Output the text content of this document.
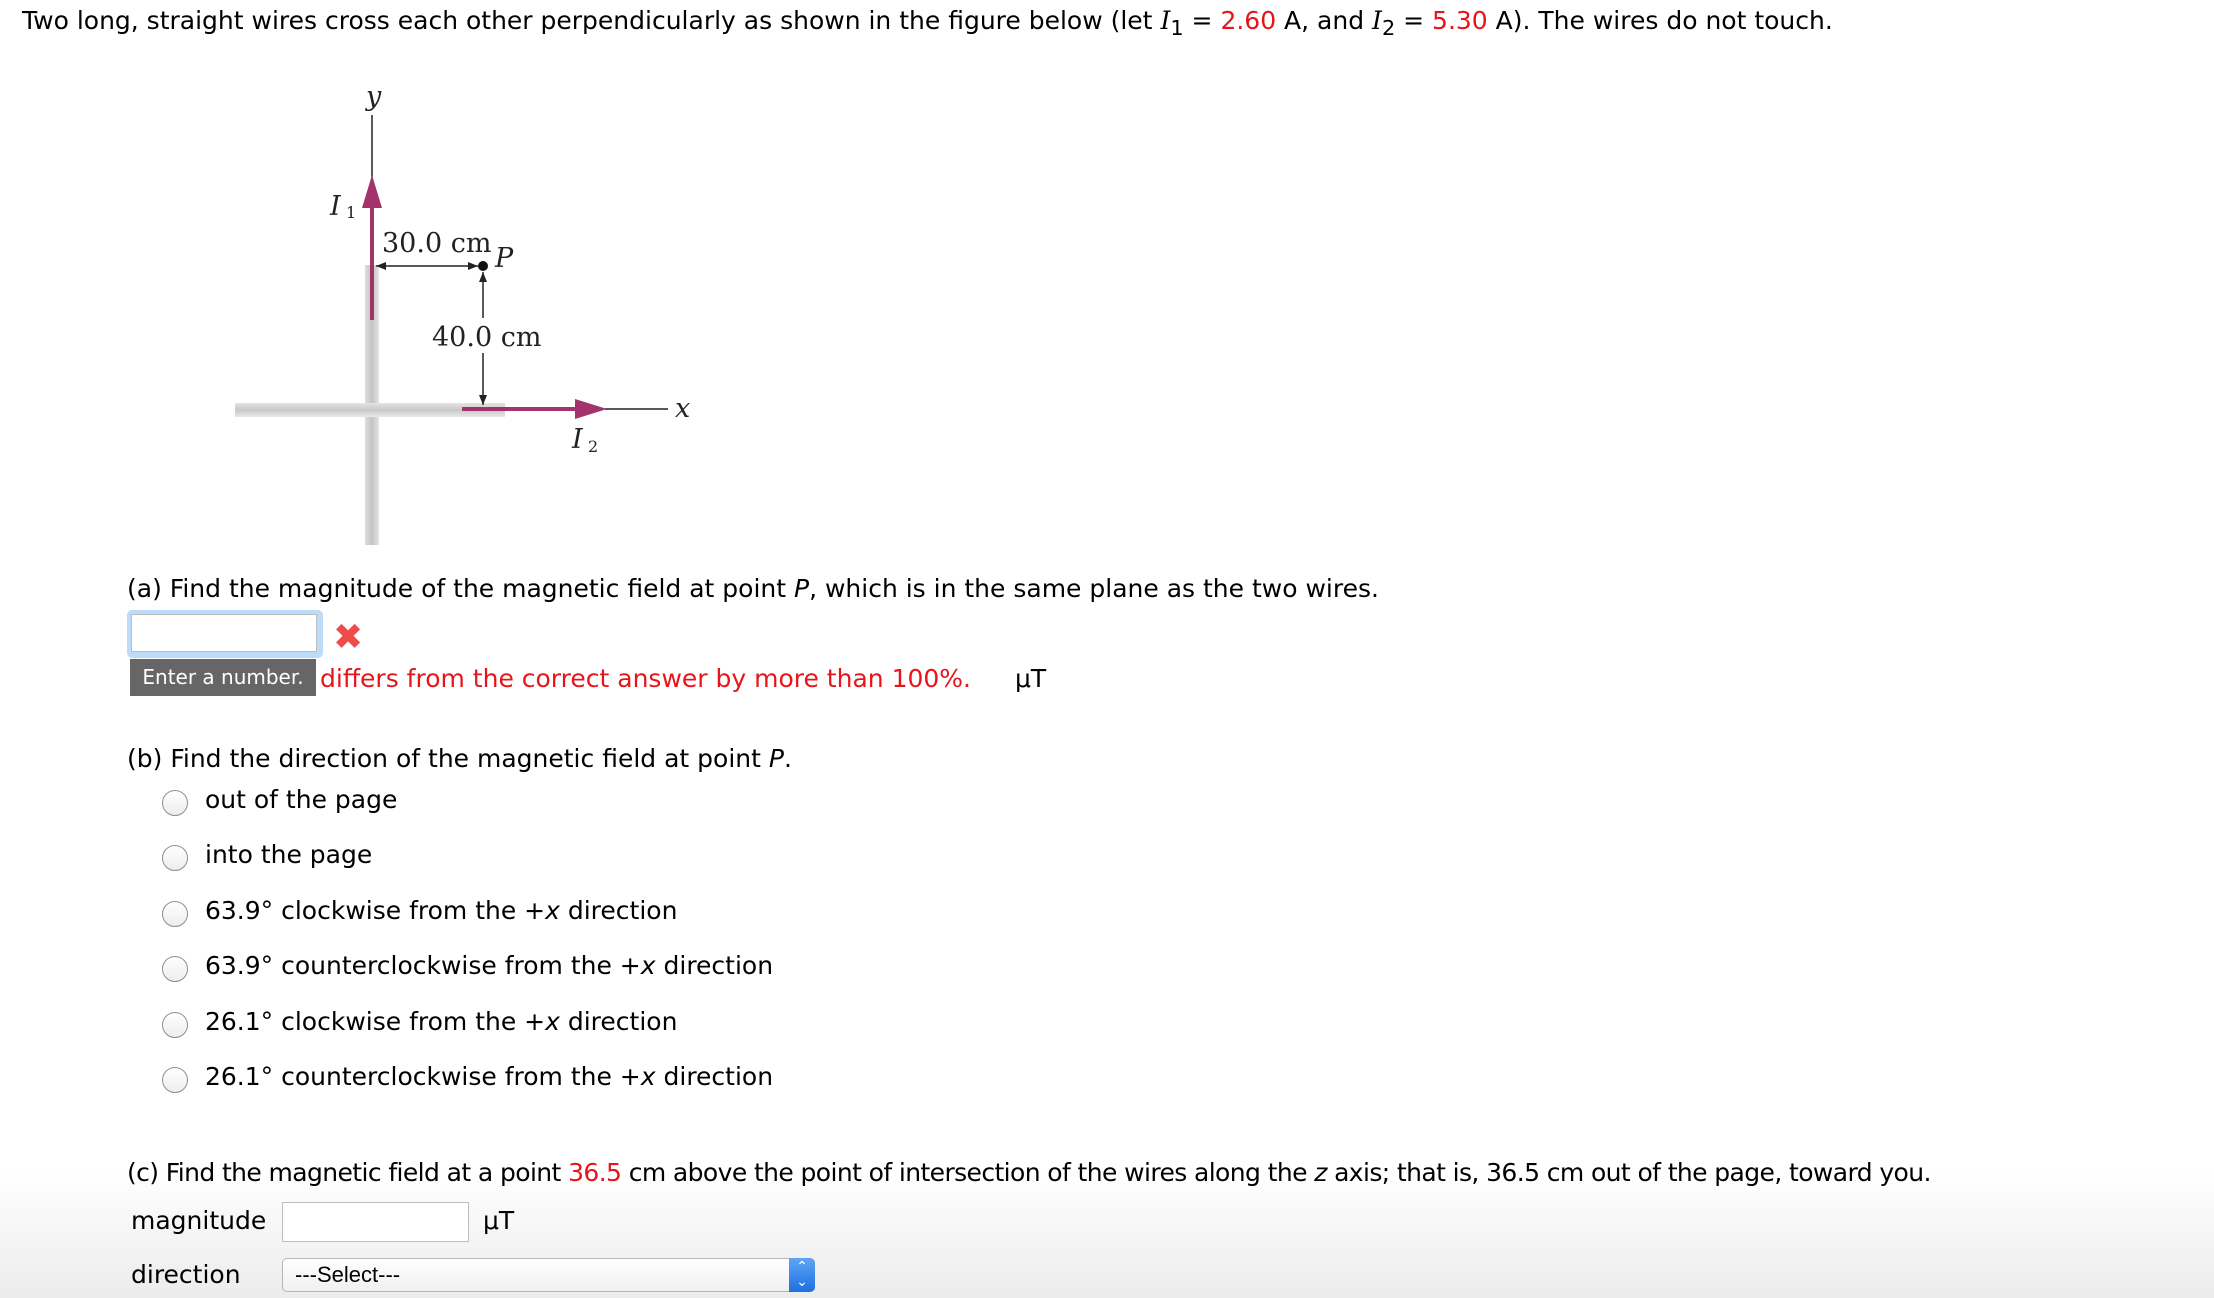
Two long, straight wires cross each other perpendicularly as shown in the figure below (let $I_1 = 2.60$ A, and $I_2 = 5.30$ A). The wires do not touch.
y
x
I 1
I 2
30.0 cm
40.0 cm
P
(a) Find the magnitude of the magnetic field at point P, which is in the same plane as the two wires.
✖
Enter a number. differs from the correct answer by more than 100%. μT
(b) Find the direction of the magnetic field at point P.
out of the page
into the page
63.9° clockwise from the +x direction
63.9° counterclockwise from the +x direction
26.1° clockwise from the +x direction
26.1° counterclockwise from the +x direction
(c) Find the magnetic field at a point 36.5 cm above the point of intersection of the wires along the z axis; that is, 36.5 cm out of the page, toward you.
magnitude	μT
direction ---Select---	⌃
⌄
